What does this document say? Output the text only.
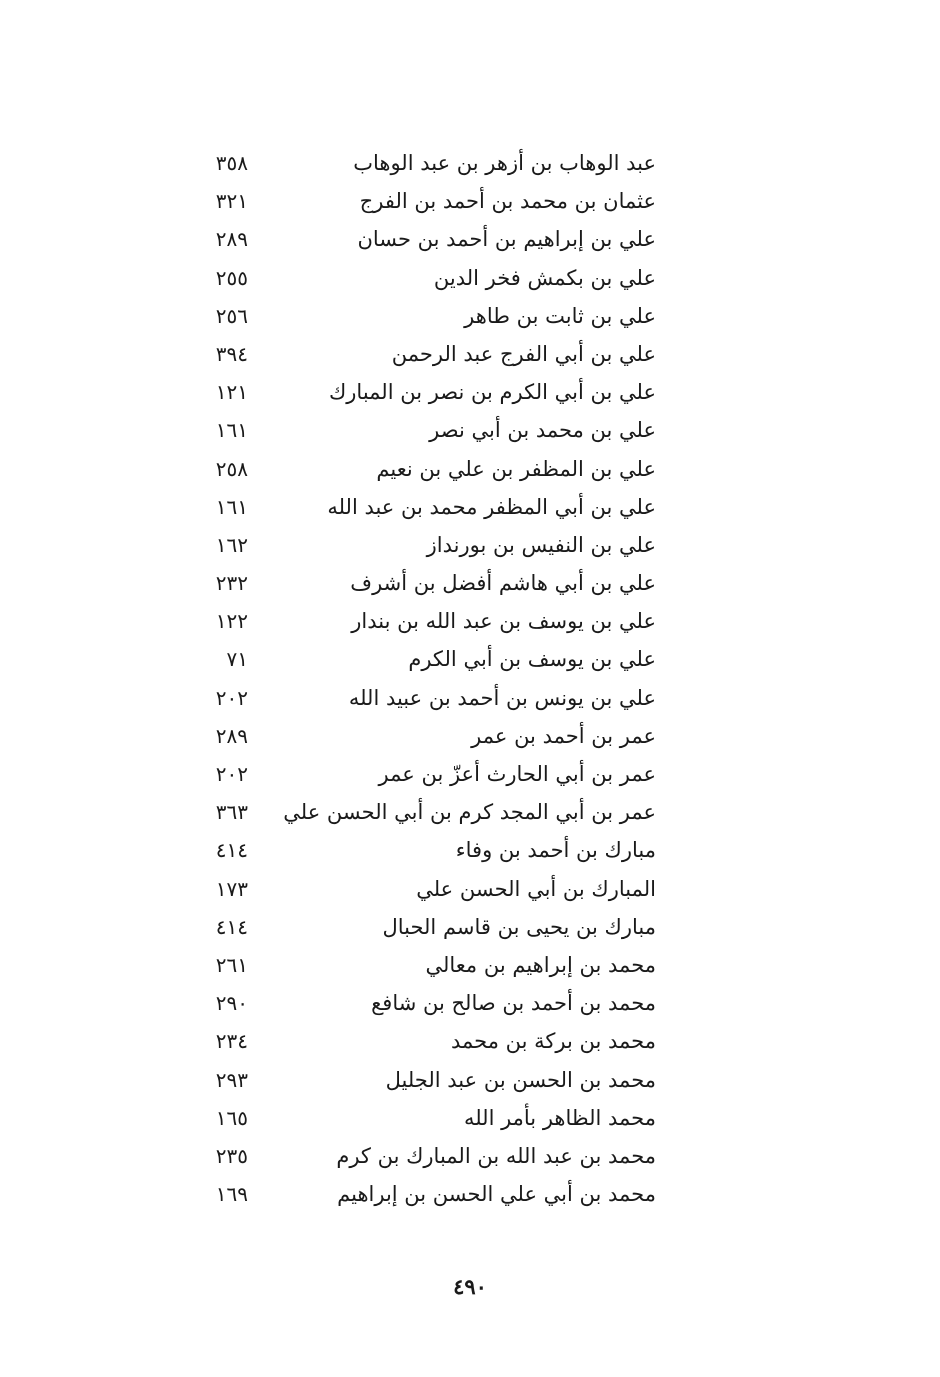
عبد الوهاب بن أزهر بن عبد الوهاب
٣٥٨
عثمان بن محمد بن أحمد بن الفرج
٣٢١
علي بن إبراهيم بن أحمد بن حسان
٢٨٩
علي بن بكمش فخر الدين
٢٥٥
علي بن ثابت بن طاهر
٢٥٦
علي بن أبي الفرج عبد الرحمن
٣٩٤
علي بن أبي الكرم بن نصر بن المبارك
١٢١
علي بن محمد بن أبي نصر
١٦١
علي بن المظفر بن علي بن نعيم
٢٥٨
علي بن أبي المظفر محمد بن عبد الله
١٦١
علي بن النفيس بن بورنداز
١٦٢
علي بن أبي هاشم أفضل بن أشرف
٢٣٢
علي بن يوسف بن عبد الله بن بندار
١٢٢
علي بن يوسف بن أبي الكرم
٧١
علي بن يونس بن أحمد بن عبيد الله
٢٠٢
عمر بن أحمد بن عمر
٢٨٩
عمر بن أبي الحارث أعزّ بن عمر
٢٠٢
عمر بن أبي المجد كرم بن أبي الحسن علي
٣٦٣
مبارك بن أحمد بن وفاء
٤١٤
المبارك بن أبي الحسن علي
١٧٣
مبارك بن يحيى بن قاسم الحبال
٤١٤
محمد بن إبراهيم بن معالي
٢٦١
محمد بن أحمد بن صالح بن شافع
٢٩٠
محمد بن بركة بن محمد
٢٣٤
محمد بن الحسن بن عبد الجليل
٢٩٣
محمد الظاهر بأمر الله
١٦٥
محمد بن عبد الله بن المبارك بن كرم
٢٣٥
محمد بن أبي علي الحسن بن إبراهيم
١٦٩
٤٩٠
